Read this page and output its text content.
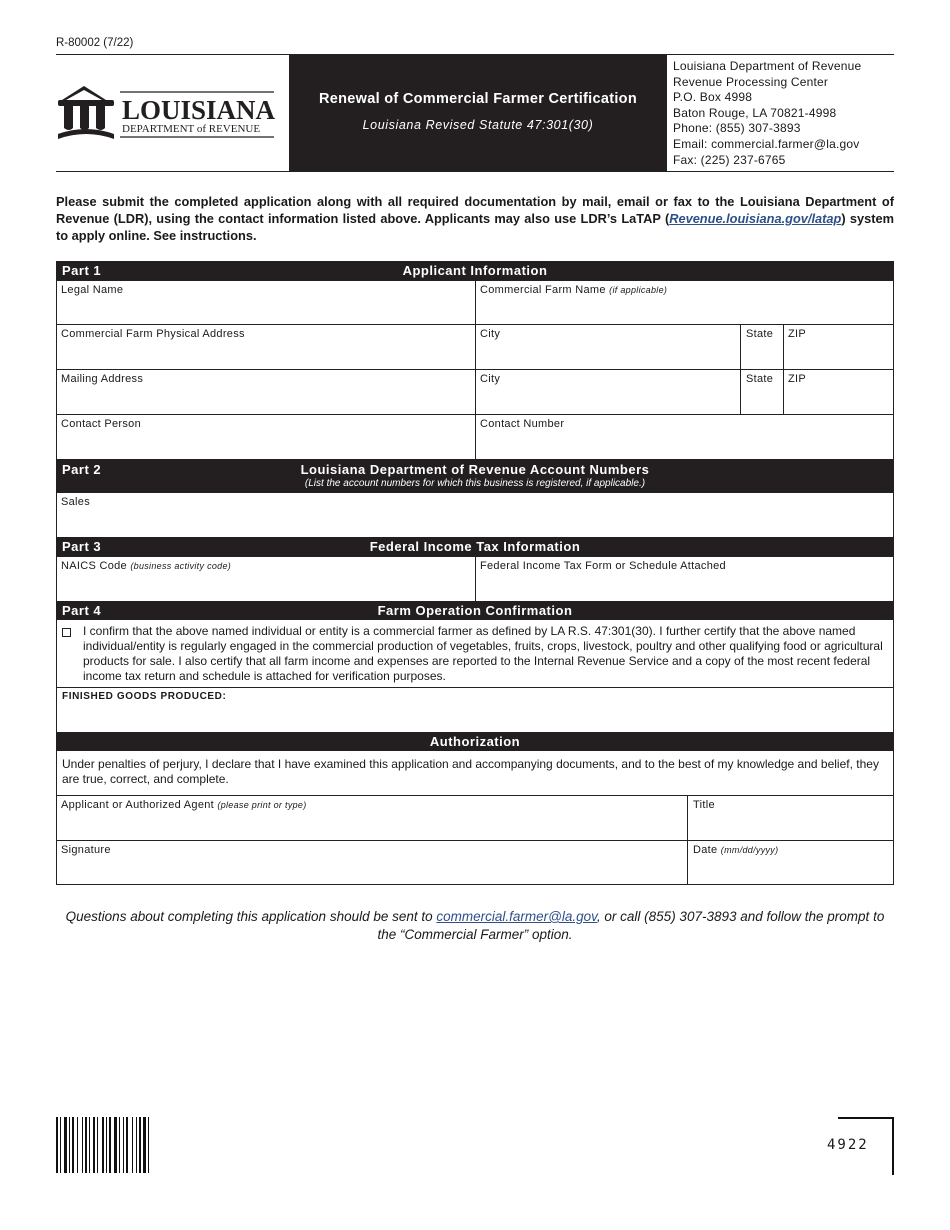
R-80002 (7/22)
LOUISIANA
DEPARTMENT of REVENUE
Renewal of Commercial Farmer Certification
Louisiana Revised Statute 47:301(30)
Louisiana Department of Revenue
Revenue Processing Center
P.O. Box 4998
Baton Rouge, LA 70821-4998
Phone: (855) 307-3893
Email: commercial.farmer@la.gov
Fax: (225) 237-6765
Please submit the completed application along with all required documentation by mail, email or fax to the Louisiana Department of Revenue (LDR), using the contact information listed above. Applicants may also use LDR’s LaTAP (Revenue.louisiana.gov/latap) system to apply online. See instructions.
Part 1	Applicant Information
Legal Name	Commercial Farm Name (if applicable)
Commercial Farm Physical Address	City	State	ZIP
Mailing Address	City	State	ZIP
Contact Person	Contact Number
Part 2	Louisiana Department of Revenue Account Numbers
(List the account numbers for which this business is registered, if applicable.)
Sales
Part 3	Federal Income Tax Information
NAICS Code (business activity code)	Federal Income Tax Form or Schedule Attached
Part 4	Farm Operation Confirmation
I confirm that the above named individual or entity is a commercial farmer as defined by LA R.S. 47:301(30). I further certify that the above named individual/entity is regularly engaged in the commercial production of vegetables, fruits, crops, livestock, poultry and other qualifying food or agricultural products for sale. I also certify that all farm income and expenses are reported to the Internal Revenue Service and a copy of the most recent federal income tax return and schedule is attached for verification purposes.
FINISHED GOODS PRODUCED:
Authorization
Under penalties of perjury, I declare that I have examined this application and accompanying documents, and to the best of my knowledge and belief, they are true, correct, and complete.
Applicant or Authorized Agent (please print or type)	Title
Signature	Date (mm/dd/yyyy)
Questions about completing this application should be sent to commercial.farmer@la.gov, or call (855) 307-3893 and follow the prompt to the “Commercial Farmer” option.
4922
